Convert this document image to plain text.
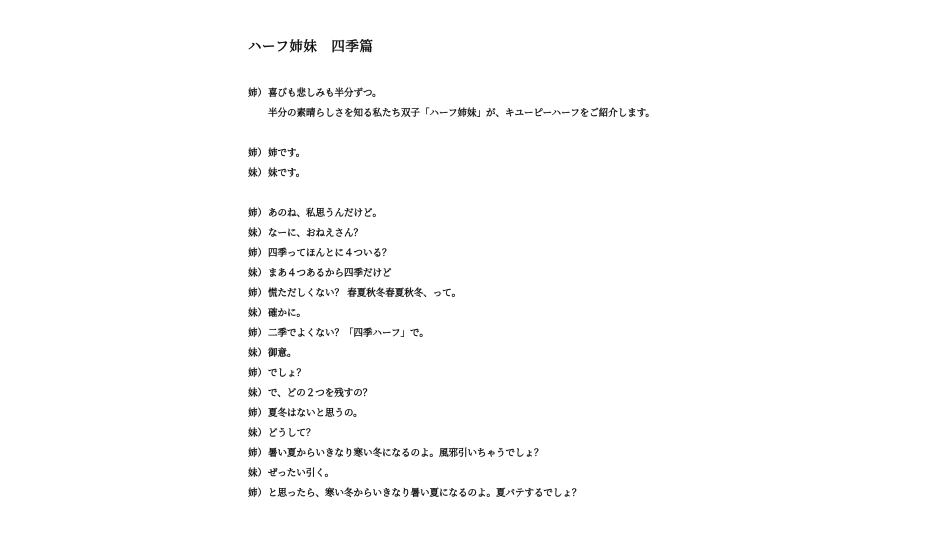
ハーフ姉妹　四季篇
姉） 喜びも悲しみも半分ずつ。
半分の素晴らしさを知る私たち双子「ハーフ姉妹」が、キユーピーハーフをご紹介します。
姉） 姉です。
妹） 妹です。
姉） あのね、私思うんだけど。
妹） なーに、おねえさん？
姉） 四季ってほんとに４ついる？
妹） まあ４つあるから四季だけど
姉） 慌ただしくない？ 春夏秋冬春夏秋冬、って。
妹） 確かに。
姉） 二季でよくない？「四季ハーフ」で。
妹） 御意。
姉） でしょ？
妹） で、どの２つを残すの？
姉） 夏冬はないと思うの。
妹） どうして？
姉） 暑い夏からいきなり寒い冬になるのよ。風邪引いちゃうでしょ？
妹） ぜったい引く。
姉） と思ったら、寒い冬からいきなり暑い夏になるのよ。夏バテするでしょ？
